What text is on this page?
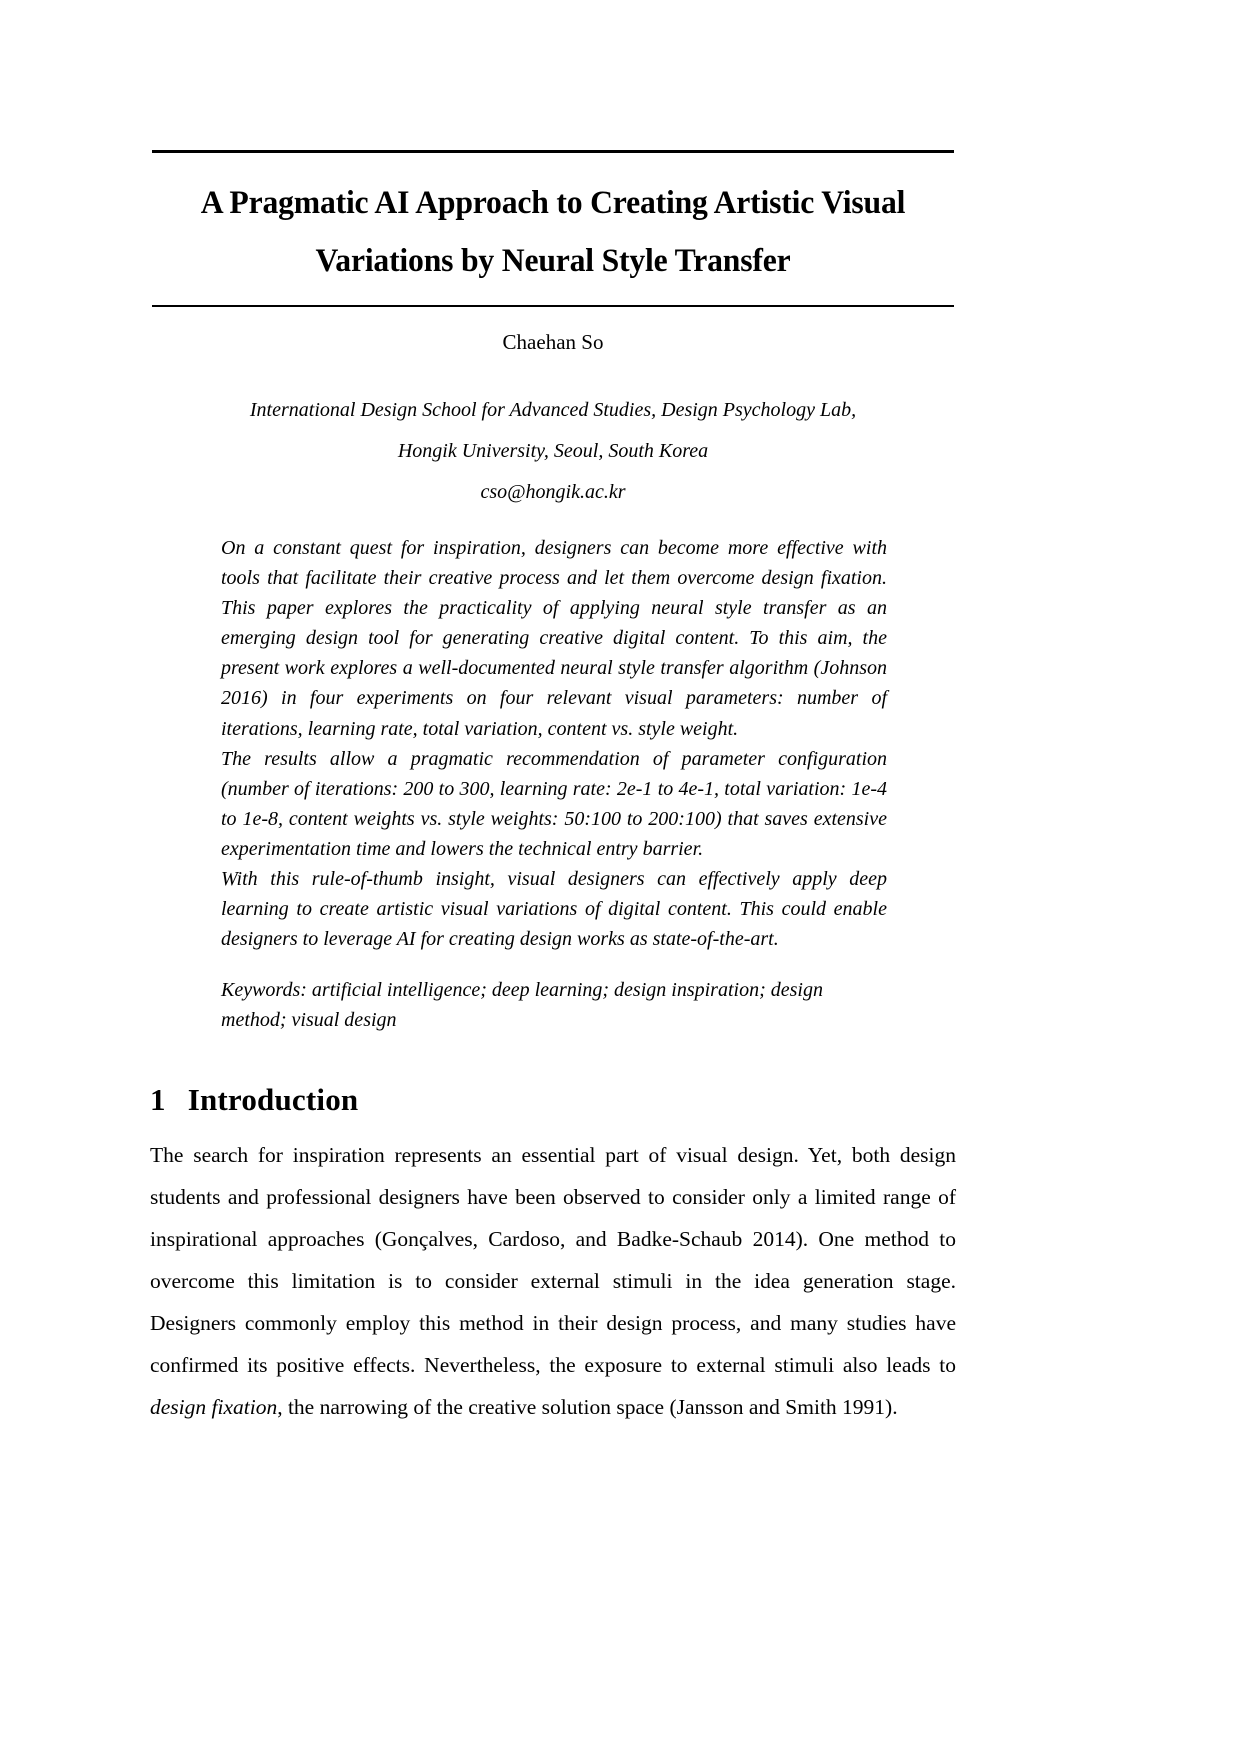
A Pragmatic AI Approach to Creating Artistic Visual
Variations by Neural Style Transfer
Chaehan So
International Design School for Advanced Studies, Design Psychology Lab,
Hongik University, Seoul, South Korea
cso@hongik.ac.kr

On a constant quest for inspiration, designers can become more effective with tools that facilitate their creative process and let them overcome design fixation. This paper explores the practicality of applying neural style transfer as an emerging design tool for generating creative digital content. To this aim, the present work explores a well-documented neural style transfer algorithm (Johnson 2016) in four experiments on four relevant visual parameters: number of iterations, learning rate, total variation, content vs. style weight.

The results allow a pragmatic recommendation of parameter configuration (number of iterations: 200 to 300, learning rate: 2e-1 to 4e-1, total variation: 1e-4 to 1e-8, content weights vs. style weights: 50:100 to 200:100) that saves extensive experimentation time and lowers the technical entry barrier.

With this rule-of-thumb insight, visual designers can effectively apply deep learning to create artistic visual variations of digital content. This could enable designers to leverage AI for creating design works as state-of-the-art.

Keywords: artificial intelligence; deep learning; design inspiration; design method; visual design
1 Introduction

The search for inspiration represents an essential part of visual design. Yet, both design students and professional designers have been observed to consider only a limited range of inspirational approaches (Gonçalves, Cardoso, and Badke-Schaub 2014). One method to overcome this limitation is to consider external stimuli in the idea generation stage. Designers commonly employ this method in their design process, and many studies have confirmed its positive effects. Nevertheless, the exposure to external stimuli also leads to design fixation, the narrowing of the creative solution space (Jansson and Smith 1991).
